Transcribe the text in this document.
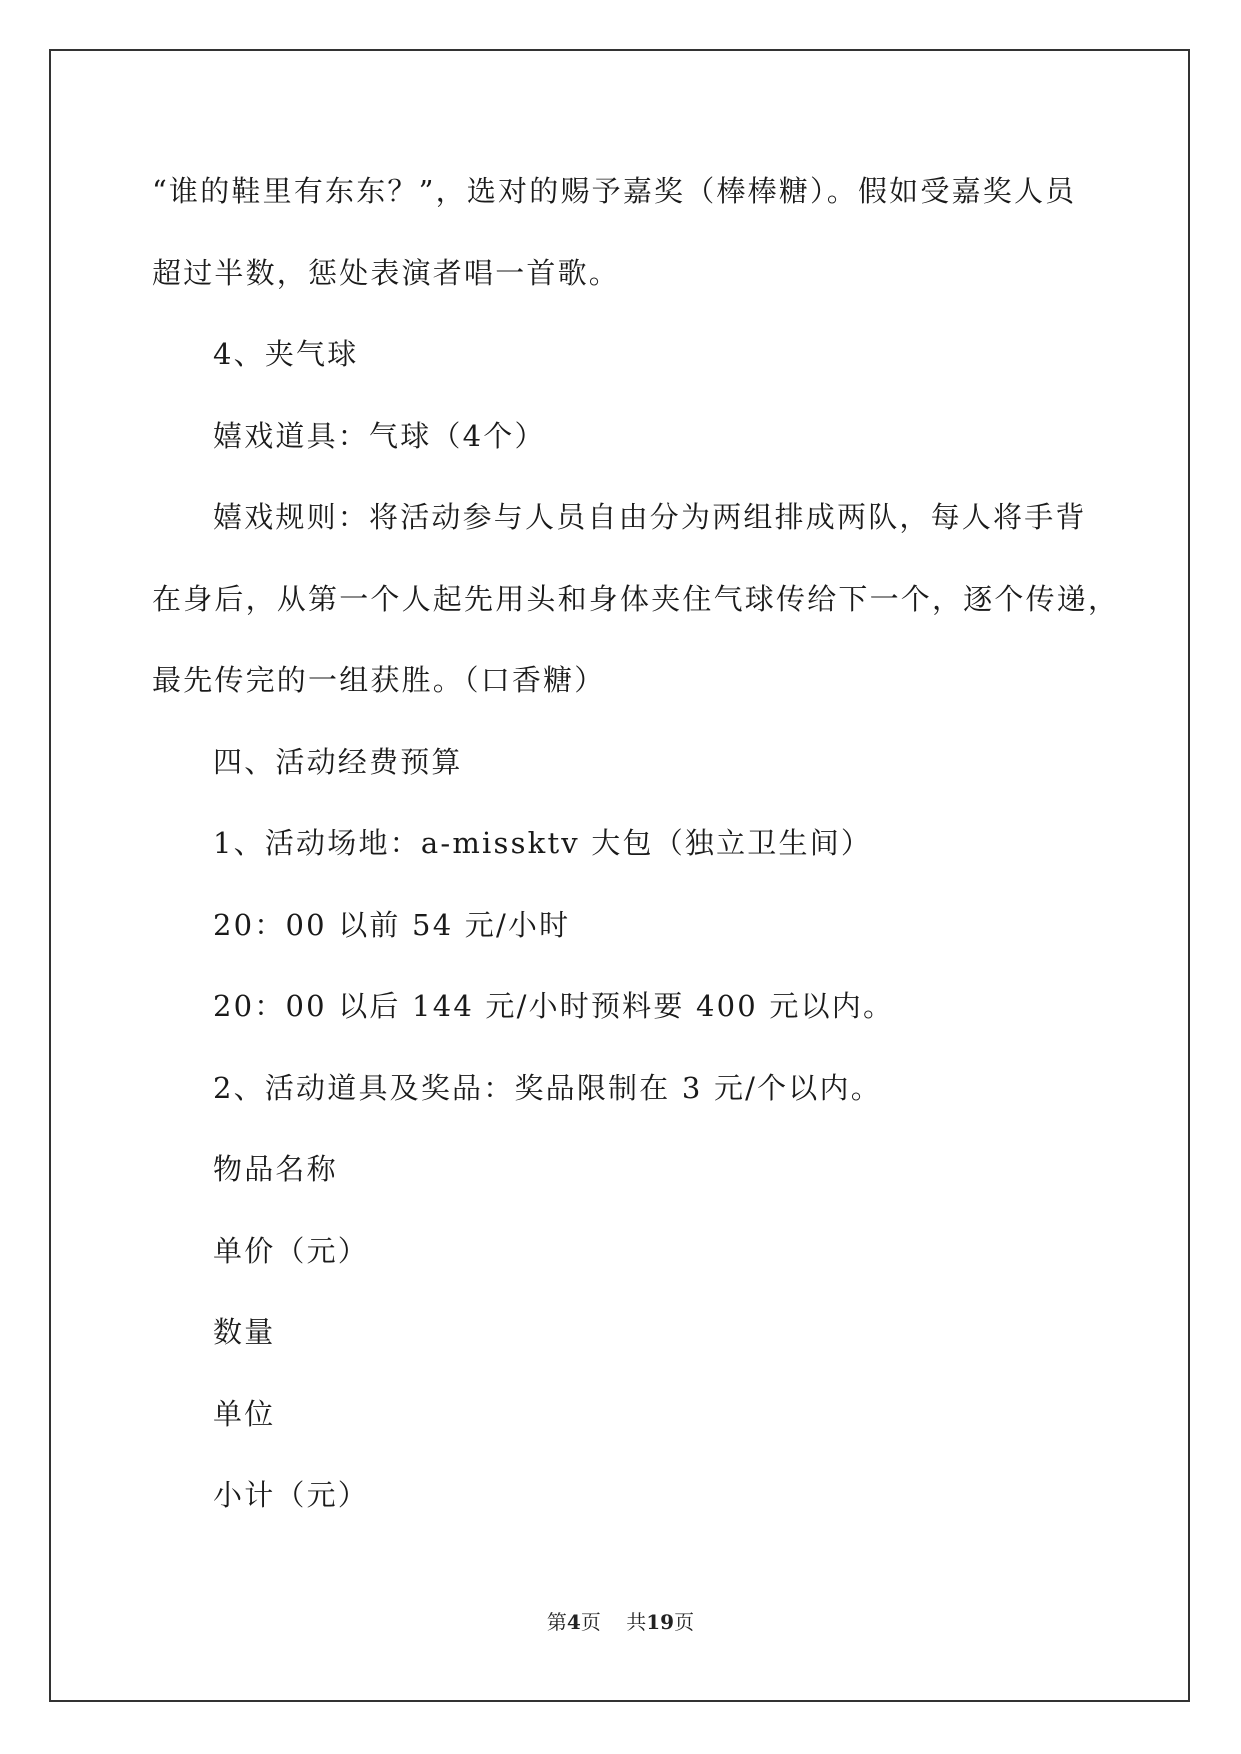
“谁的鞋里有东东？”，选对的赐予嘉奖（棒棒糖）。假如受嘉奖人员

超过半数，惩处表演者唱一首歌。

4、夹气球

嬉戏道具：气球（4个）

嬉戏规则：将活动参与人员自由分为两组排成两队，每人将手背

在身后，从第一个人起先用头和身体夹住气球传给下一个，逐个传递，

最先传完的一组获胜。（口香糖）

四、活动经费预算

1、活动场地：a-missktv 大包（独立卫生间）

20：00 以前 54 元/小时

20：00 以后 144 元/小时预料要 400 元以内。

2、活动道具及奖品：奖品限制在 3 元/个以内。

物品名称

单价（元）

数量

单位

小计（元）

第4页 共19页
